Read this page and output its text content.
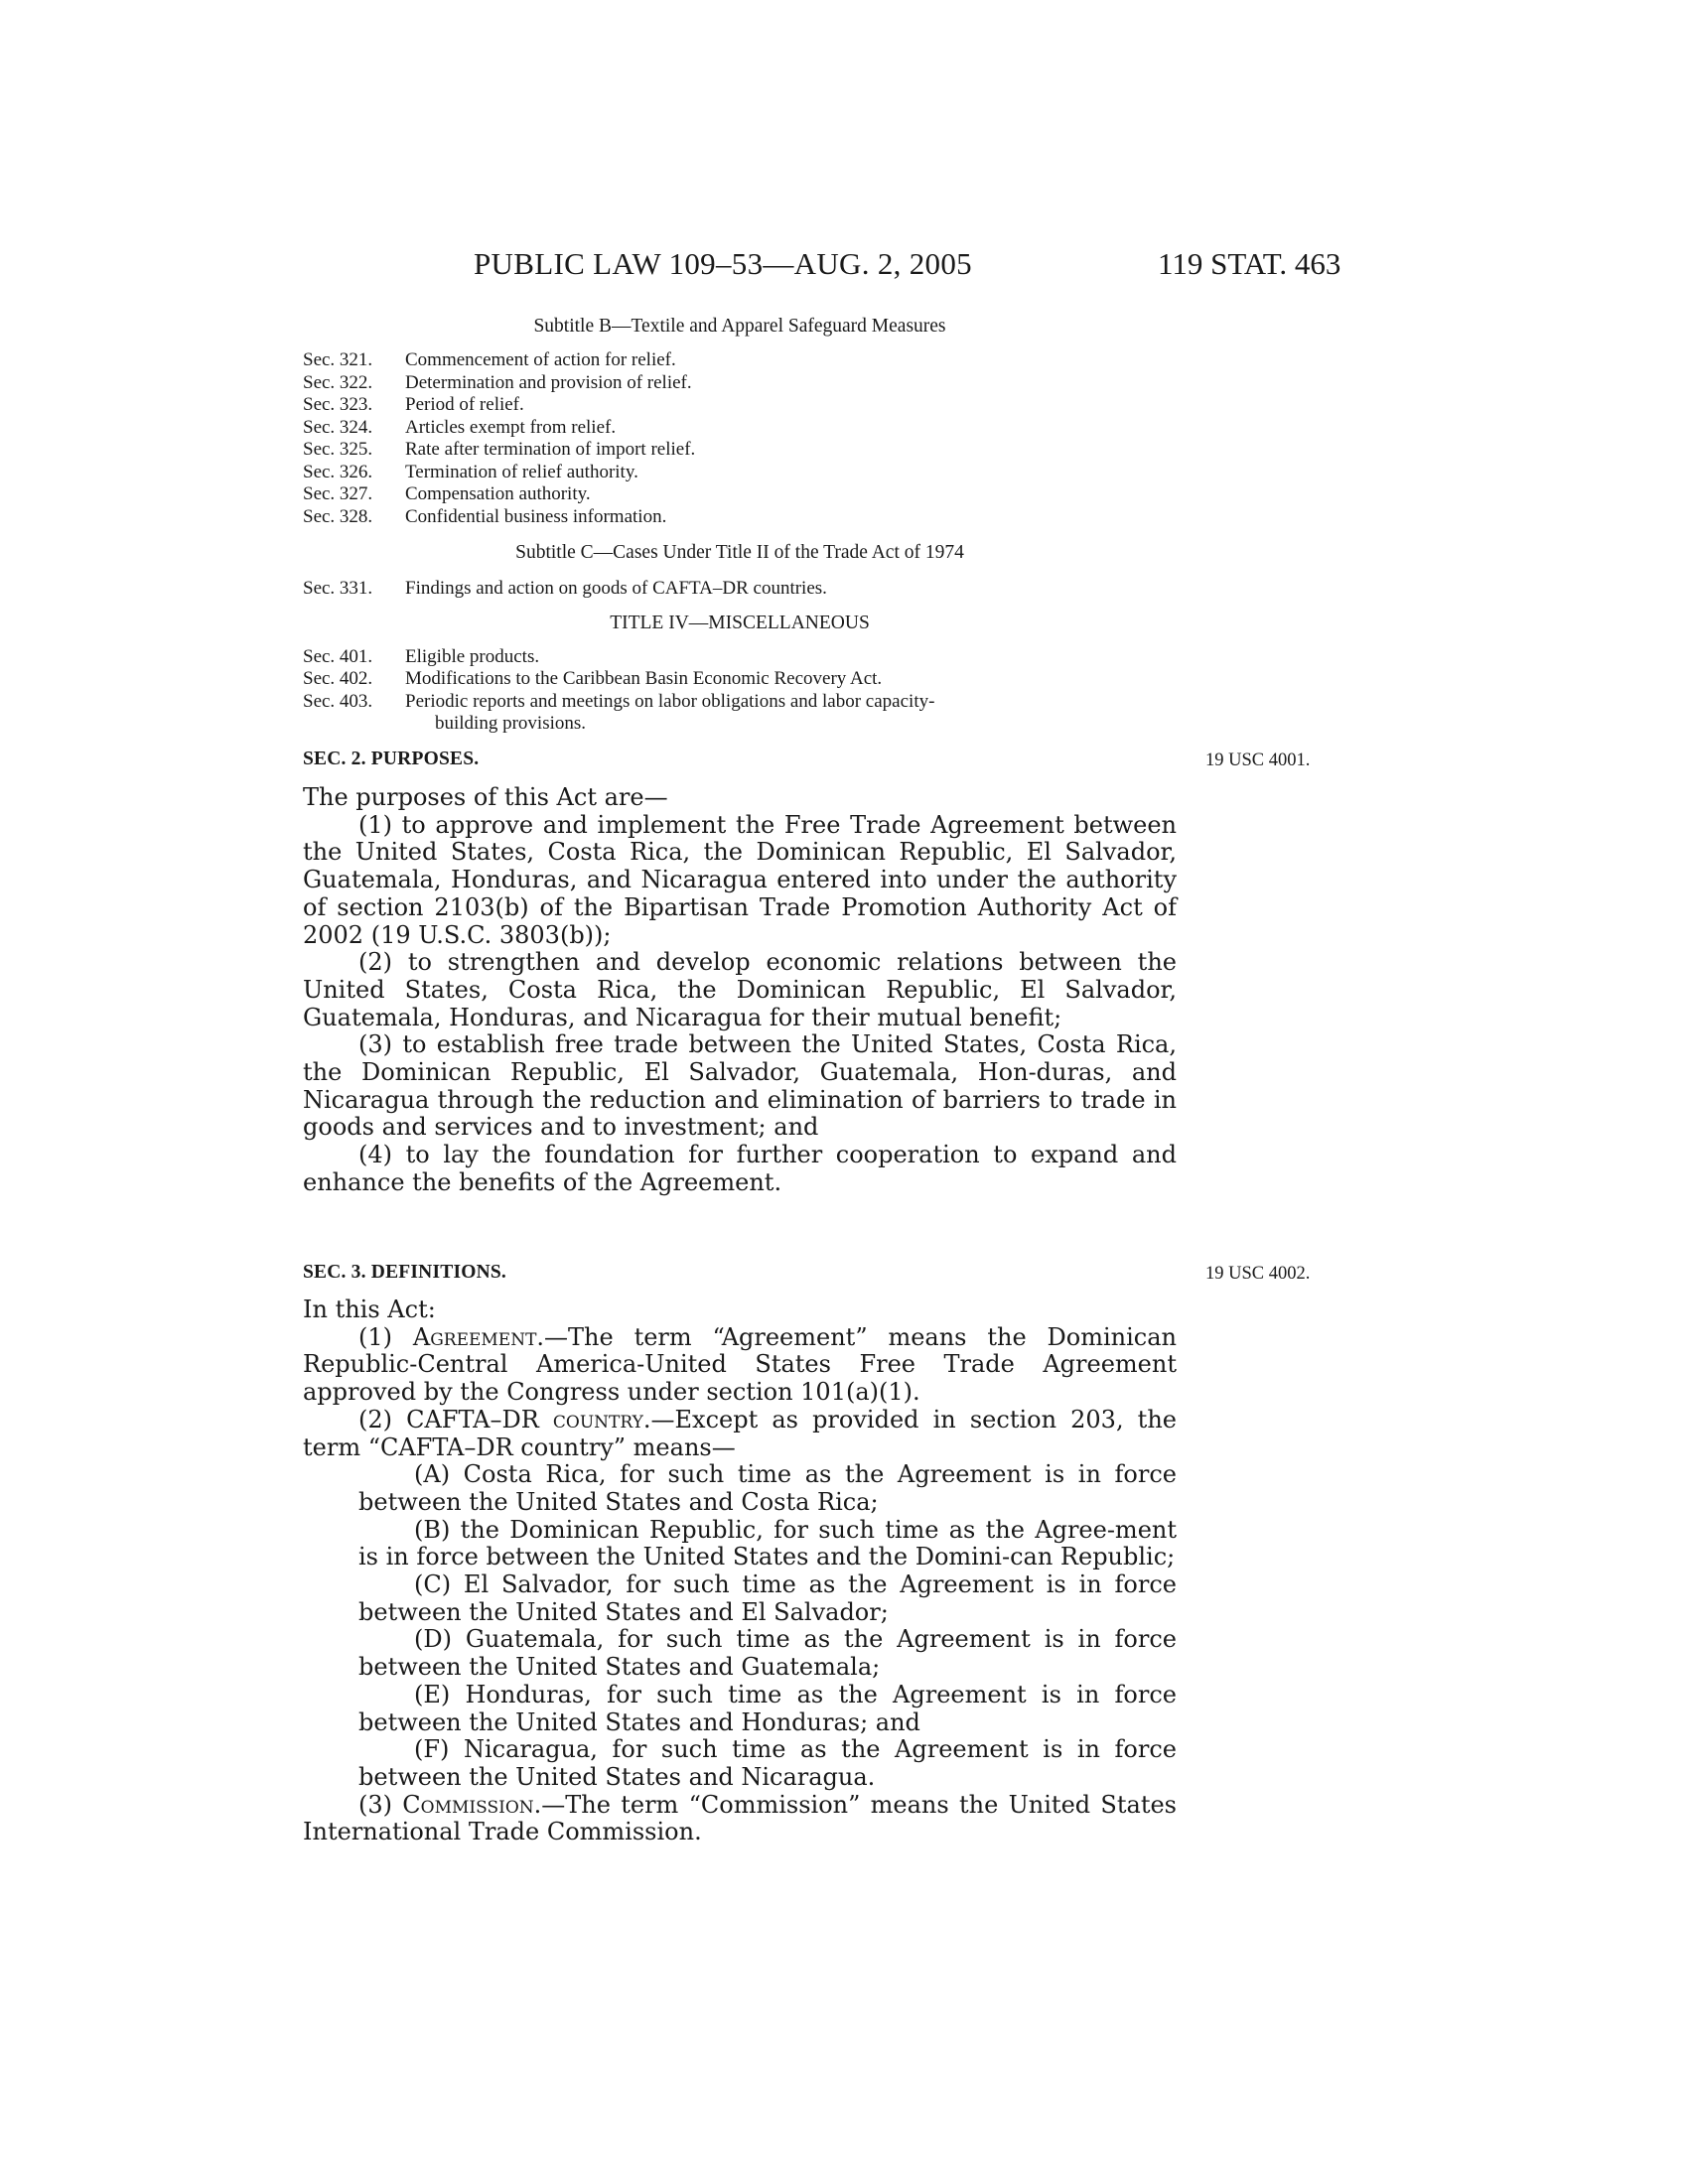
PUBLIC LAW 109–53—AUG. 2, 2005	119 STAT. 463
Subtitle B—Textile and Apparel Safeguard Measures
Sec. 321.	Commencement of action for relief.
Sec. 322.	Determination and provision of relief.
Sec. 323.	Period of relief.
Sec. 324.	Articles exempt from relief.
Sec. 325.	Rate after termination of import relief.
Sec. 326.	Termination of relief authority.
Sec. 327.	Compensation authority.
Sec. 328.	Confidential business information.
Subtitle C—Cases Under Title II of the Trade Act of 1974
Sec. 331.	Findings and action on goods of CAFTA–DR countries.
TITLE IV—MISCELLANEOUS
Sec. 401.	Eligible products.
Sec. 402.	Modifications to the Caribbean Basin Economic Recovery Act.
Sec. 403.	Periodic reports and meetings on labor obligations and labor capacity-
building provisions.
SEC. 2. PURPOSES.	19 USC 4001.

The purposes of this Act are—

(1) to approve and implement the Free Trade Agreement between the United States, Costa Rica, the Dominican Republic, El Salvador, Guatemala, Honduras, and Nicaragua entered into under the authority of section 2103(b) of the Bipartisan Trade Promotion Authority Act of 2002 (19 U.S.C. 3803(b));

(2) to strengthen and develop economic relations between the United States, Costa Rica, the Dominican Republic, El Salvador, Guatemala, Honduras, and Nicaragua for their mutual benefit;

(3) to establish free trade between the United States, Costa Rica, the Dominican Republic, El Salvador, Guatemala, Hon-duras, and Nicaragua through the reduction and elimination of barriers to trade in goods and services and to investment; and

(4) to lay the foundation for further cooperation to expand and enhance the benefits of the Agreement.

SEC. 3. DEFINITIONS.	19 USC 4002.

In this Act:

(1) Agreement.—The term “Agreement” means the Dominican Republic-Central America-United States Free Trade Agreement approved by the Congress under section 101(a)(1).

(2) CAFTA–DR country.—Except as provided in section 203, the term “CAFTA–DR country” means—

(A) Costa Rica, for such time as the Agreement is in force between the United States and Costa Rica;

(B) the Dominican Republic, for such time as the Agree-ment is in force between the United States and the Domini-can Republic;

(C) El Salvador, for such time as the Agreement is in force between the United States and El Salvador;

(D) Guatemala, for such time as the Agreement is in force between the United States and Guatemala;

(E) Honduras, for such time as the Agreement is in force between the United States and Honduras; and

(F) Nicaragua, for such time as the Agreement is in force between the United States and Nicaragua.

(3) Commission.—The term “Commission” means the United States International Trade Commission.
